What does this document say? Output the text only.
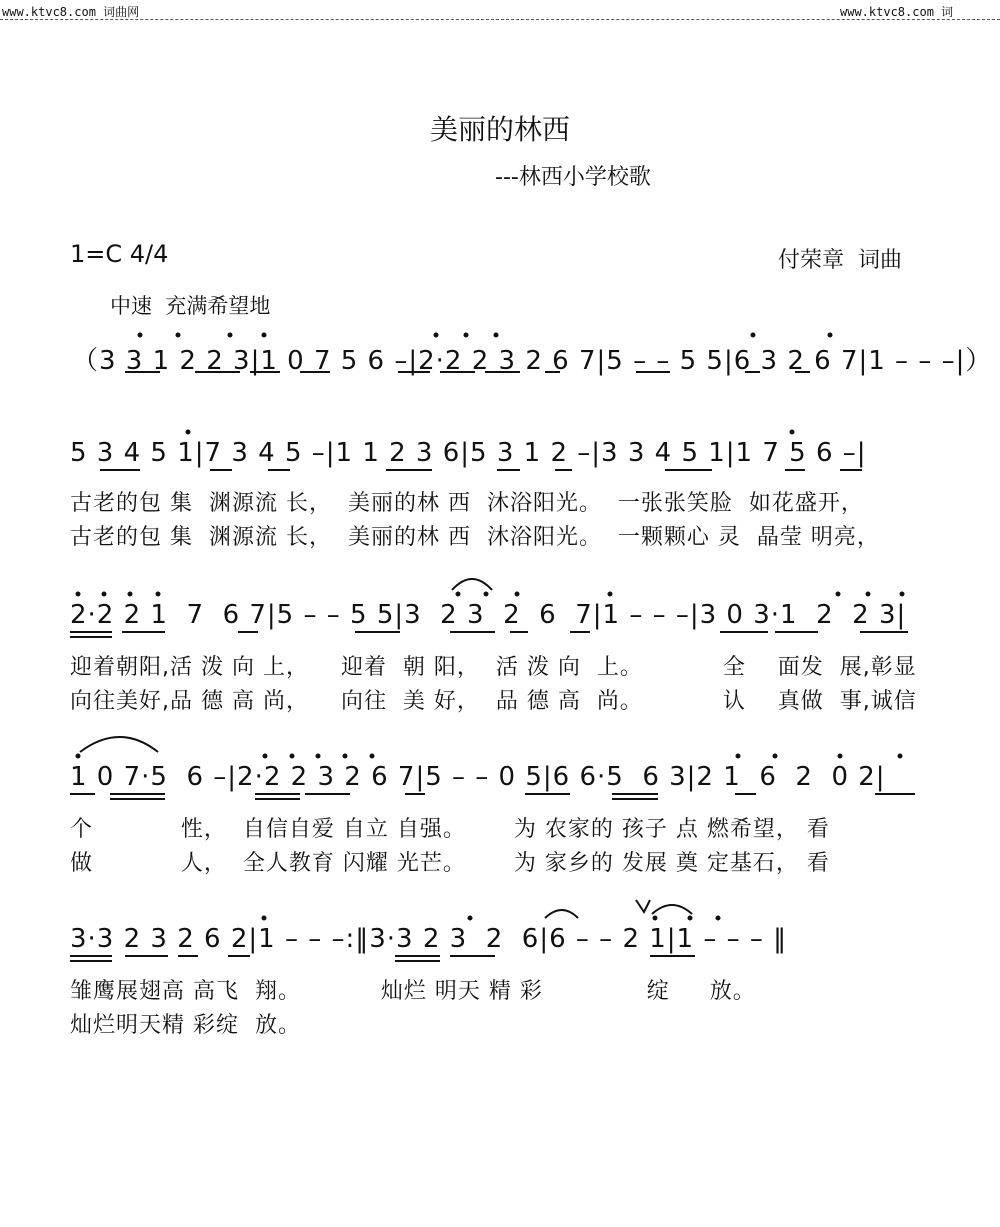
www.ktvc8.com 词曲网	www.ktvc8.com 词
美丽的林西
---林西小学校歌
1=C 4/4	付荣章  词曲
中速  充满希望地
（3 3 1 2 2 3|1 0 7 5 6 –|2·2 2 3 2 6 7|5 – – 5 5|6 3 2 6 7|1 – – –|）
5 3 4 5 1|7 3 4 5 –|1 1 2 3 6|5 3 1 2 –|3 3 4 5 1|1 7 5 6 –|
古老的包 集  渊源流 长，  美丽的林 西  沐浴阳光。  一张张笑脸  如花盛开，
古老的包 集  渊源流 长，  美丽的林 西  沐浴阳光。  一颗颗心 灵  晶莹 明亮，
2·2 2 1  7  6 7|5 – – 5 5|3  2 3  2  6  7|1 – – –|3 0 3·1  2  2 3|
迎着朝阳,活 泼 向 上，    迎着  朝 阳，  活 泼 向  上。          全    面发  展,彰显
向往美好,品 德 高 尚，    向往  美 好，  品 德 高  尚。          认    真做  事,诚信
1 0 7·5  6 –|2·2 2 3 2 6 7|5 – – 0 5|6 6·5  6 3|2 1  6  2  0 2|
个           性，  自信自爱 自立 自强。      为 农家的 孩子 点 燃希望， 看
做           人，  全人教育 闪耀 光芒。      为 家乡的 发展 奠 定基石， 看
3·3 2 3 2 6 2|1 – – –:‖3·3 2 3  2  6|6 – – 2 1|1 – – – ‖
雏鹰展翅高 高飞  翔。          灿烂 明天 精 彩             绽     放。
灿烂明天精 彩绽  放。
